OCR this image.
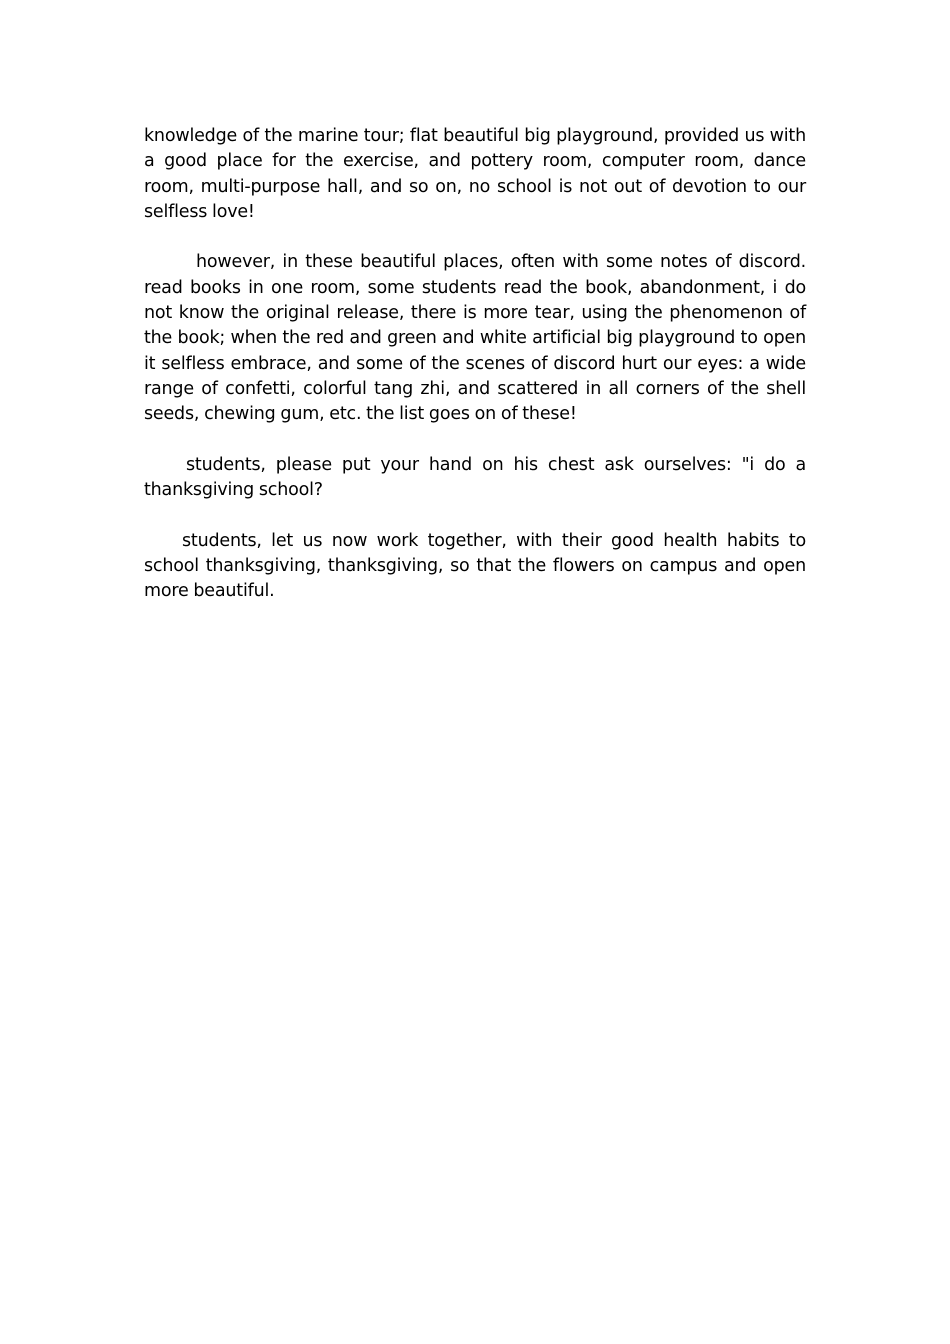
knowledge of the marine tour; flat beautiful big playground, provided us with a good place for the exercise, and pottery room, computer room, dance room, multi-purpose hall, and so on, no school is not out of devotion to our selfless love!

however, in these beautiful places, often with some notes of discord. read books in one room, some students read the book, abandonment, i do not know the original release, there is more tear, using the phenomenon of the book; when the red and green and white artificial big playground to open it selfless embrace, and some of the scenes of discord hurt our eyes: a wide range of confetti, colorful tang zhi, and scattered in all corners of the shell seeds, chewing gum, etc. the list goes on of these!

students, please put your hand on his chest ask ourselves: "i do a thanksgiving school?

students, let us now work together, with their good health habits to school thanksgiving, thanksgiving, so that the flowers on campus and open more beautiful.
